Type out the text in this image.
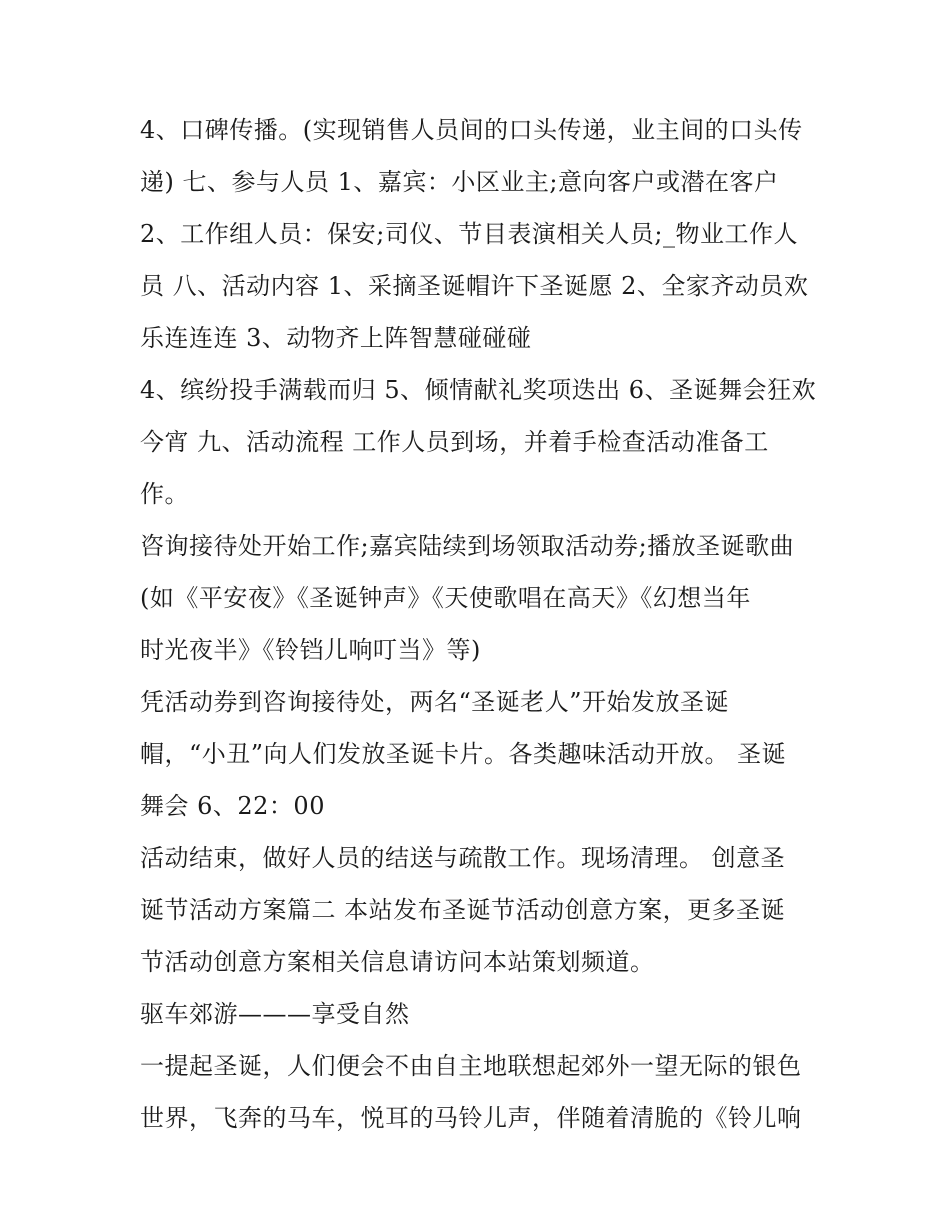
4、口碑传播。(实现销售人员间的口头传递，业主间的口头传
递) 七、参与人员 1、嘉宾：小区业主;意向客户或潜在客户
2、工作组人员：保安;司仪、节目表演相关人员;_物业工作人
员 八、活动内容 1、采摘圣诞帽许下圣诞愿 2、全家齐动员欢
乐连连连 3、动物齐上阵智慧碰碰碰
4、缤纷投手满载而归 5、倾情献礼奖项迭出 6、圣诞舞会狂欢
今宵 九、活动流程 工作人员到场，并着手检查活动准备工
作。
咨询接待处开始工作;嘉宾陆续到场领取活动券;播放圣诞歌曲
(如《平安夜》《圣诞钟声》《天使歌唱在高天》《幻想当年
时光夜半》《铃铛儿响叮当》等)
凭活动券到咨询接待处，两名“圣诞老人”开始发放圣诞
帽，“小丑”向人们发放圣诞卡片。各类趣味活动开放。 圣诞
舞会 6、22：00
活动结束，做好人员的结送与疏散工作。现场清理。 创意圣
诞节活动方案篇二 本站发布圣诞节活动创意方案，更多圣诞
节活动创意方案相关信息请访问本站策划频道。
驱车郊游———享受自然
一提起圣诞，人们便会不由自主地联想起郊外一望无际的银色
世界，飞奔的马车，悦耳的马铃儿声，伴随着清脆的《铃儿响
